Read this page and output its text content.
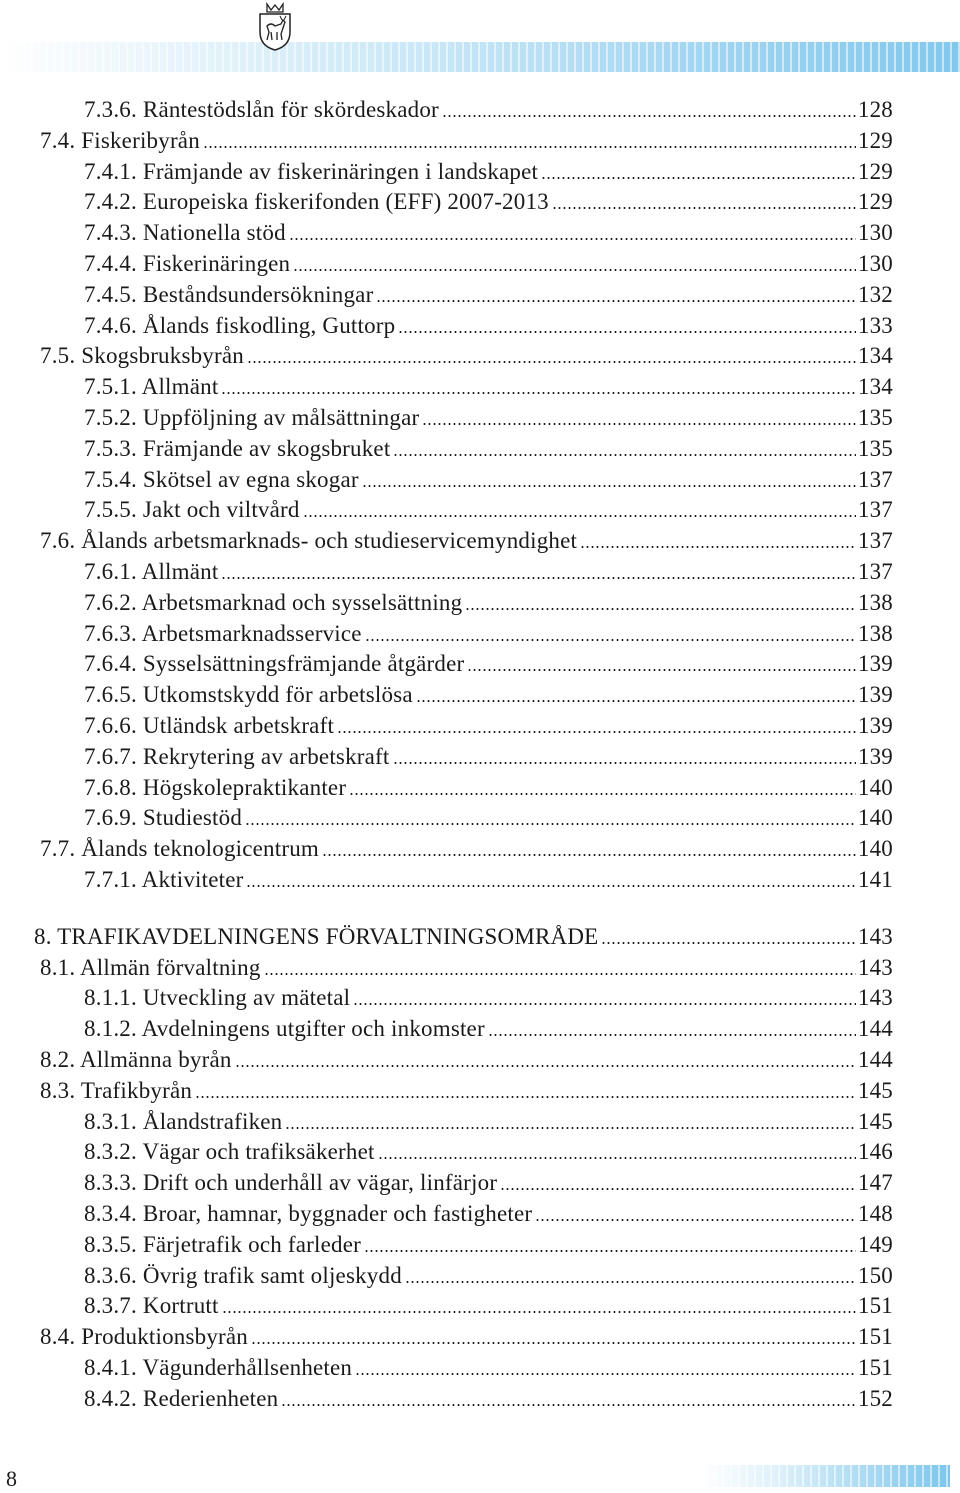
7.3.6. Räntestödslån för skördeskador	128
7.4. Fiskeribyrån	129
7.4.1. Främjande av fiskerinäringen i landskapet	129
7.4.2. Europeiska fiskerifonden (EFF) 2007-2013	129
7.4.3. Nationella stöd	130
7.4.4. Fiskerinäringen	130
7.4.5. Beståndsundersökningar	132
7.4.6. Ålands fiskodling, Guttorp	133
7.5. Skogsbruksbyrån	134
7.5.1. Allmänt	134
7.5.2. Uppföljning av målsättningar	135
7.5.3. Främjande av skogsbruket	135
7.5.4. Skötsel av egna skogar	137
7.5.5. Jakt och viltvård	137
7.6. Ålands arbetsmarknads- och studieservicemyndighet	137
7.6.1. Allmänt	137
7.6.2. Arbetsmarknad och sysselsättning	138
7.6.3. Arbetsmarknadsservice	138
7.6.4. Sysselsättningsfrämjande åtgärder	139
7.6.5. Utkomstskydd för arbetslösa	139
7.6.6. Utländsk arbetskraft	139
7.6.7. Rekrytering av arbetskraft	139
7.6.8. Högskolepraktikanter	140
7.6.9. Studiestöd	140
7.7. Ålands teknologicentrum	140
7.7.1. Aktiviteter	141
8. TRAFIKAVDELNINGENS FÖRVALTNINGSOMRÅDE	143
8.1. Allmän förvaltning	143
8.1.1. Utveckling av mätetal	143
8.1.2. Avdelningens utgifter och inkomster	144
8.2. Allmänna byrån	144
8.3. Trafikbyrån	145
8.3.1. Ålandstrafiken	145
8.3.2. Vägar och trafiksäkerhet	146
8.3.3. Drift och underhåll av vägar, linfärjor	147
8.3.4. Broar, hamnar, byggnader och fastigheter	148
8.3.5. Färjetrafik och farleder	149
8.3.6. Övrig trafik samt oljeskydd	150
8.3.7. Kortrutt	151
8.4. Produktionsbyrån	151
8.4.1. Vägunderhållsenheten	151
8.4.2. Rederienheten	152
8
